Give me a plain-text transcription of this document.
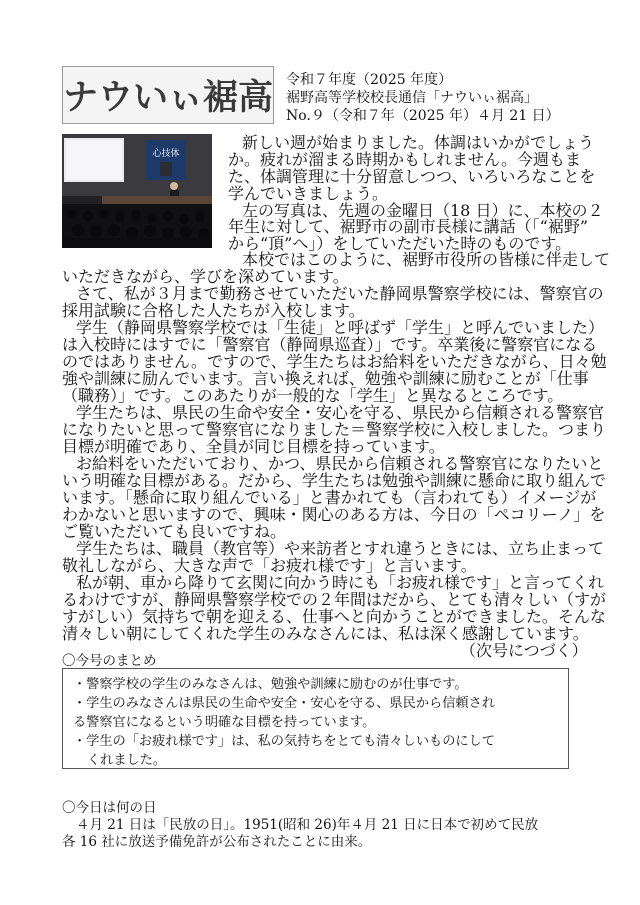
ナウいぃ裾高 令和７年度（2025 年度）
裾野高等学校校長通信「ナウいぃ裾高」
No.９（令和７年（2025 年）４月 21 日）
心技体
新しい週が始まりました。体調はいかがでしょう
か。疲れが溜まる時期かもしれません。今週もま
た、体調管理に十分留意しつつ、いろいろなことを
学んでいきましょう。
左の写真は、先週の金曜日（18 日）に、本校の２
年生に対して、裾野市の副市長様に講話（「“裾野”
から“頂”へ」）をしていただいた時のものです。
本校ではこのように、裾野市役所の皆様に伴走して
いただきながら、学びを深めています。
さて、私が３月まで勤務させていただいた静岡県警察学校には、警察官の
採用試験に合格した人たちが入校します。
学生（静岡県警察学校では「生徒」と呼ばず「学生」と呼んでいました）
は入校時にはすでに「警察官（静岡県巡査）」です。卒業後に警察官になる
のではありません。ですので、学生たちはお給料をいただきながら、日々勉
強や訓練に励んでいます。言い換えれば、勉強や訓練に励むことが「仕事
（職務）」です。このあたりが一般的な「学生」と異なるところです。
学生たちは、県民の生命や安全・安心を守る、県民から信頼される警察官
になりたいと思って警察官になりました＝警察学校に入校しました。つまり
目標が明確であり、全員が同じ目標を持っています。
お給料をいただいており、かつ、県民から信頼される警察官になりたいと
いう明確な目標がある。だから、学生たちは勉強や訓練に懸命に取り組んで
います。「懸命に取り組んでいる」と書かれても（言われても）イメージが
わかないと思いますので、興味・関心のある方は、今日の「ペコリーノ」を
ご覧いただいても良いですね。
学生たちは、職員（教官等）や来訪者とすれ違うときには、立ち止まって
敬礼しながら、大きな声で「お疲れ様です」と言います。
私が朝、車から降りて玄関に向かう時にも「お疲れ様です」と言ってくれ
るわけですが、静岡県警察学校での２年間はだから、とても清々しい（すが
すがしい）気持ちで朝を迎える、仕事へと向かうことができました。そんな
清々しい朝にしてくれた学生のみなさんには、私は深く感謝しています。
（次号につづく）
〇今号のまとめ
・警察学校の学生のみなさんは、勉強や訓練に励むのが仕事です。
・学生のみなさんは県民の生命や安全・安心を守る、県民から信頼され
る警察官になるという明確な目標を持っています。
・学生の「お疲れ様です」は、私の気持ちをとても清々しいものにして
くれました。
〇今日は何の日
４月 21 日は「民放の日」。1951(昭和 26)年４月 21 日に日本で初めて民放
各 16 社に放送予備免許が公布されたことに由来。
